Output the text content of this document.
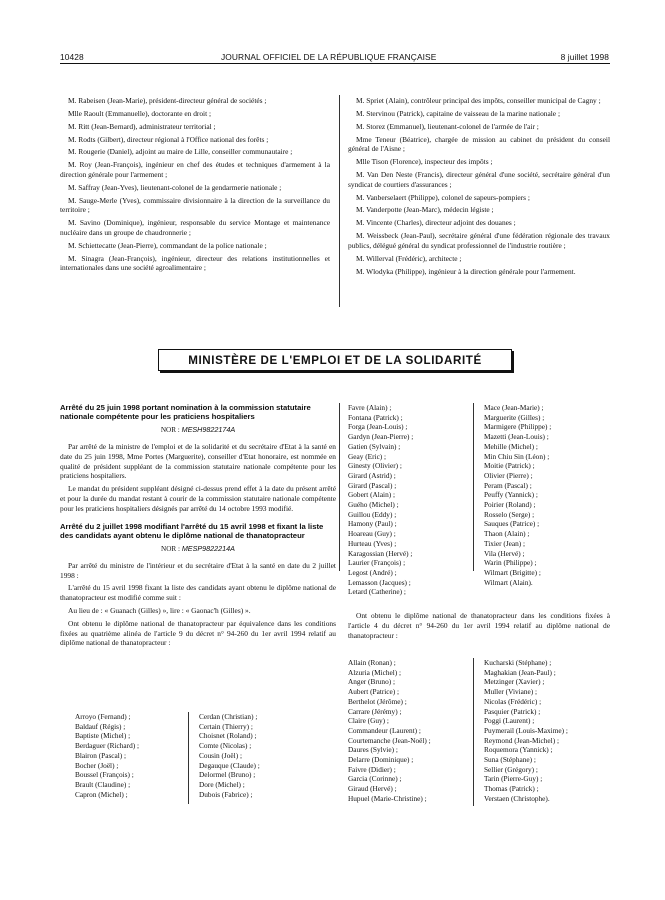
10428	JOURNAL OFFICIEL DE LA RÉPUBLIQUE FRANÇAISE	8 juillet 1998

M. Rabeisen (Jean-Marie), président-directeur général de sociétés ;

Mlle Raoult (Emmanuelle), doctorante en droit ;

M. Ritt (Jean-Bernard), administrateur territorial ;

M. Rodts (Gilbert), directeur régional à l'Office national des forêts ;

M. Rougerie (Daniel), adjoint au maire de Lille, conseiller communautaire ;

M. Roy (Jean-François), ingénieur en chef des études et techniques d'armement à la direction générale pour l'armement ;

M. Saffray (Jean-Yves), lieutenant-colonel de la gendarmerie nationale ;

M. Sauge-Merle (Yves), commissaire divisionnaire à la direction de la surveillance du territoire ;

M. Savino (Dominique), ingénieur, responsable du service Montage et maintenance nucléaire dans un groupe de chaudronnerie ;

M. Schiettecatte (Jean-Pierre), commandant de la police nationale ;

M. Sinagra (Jean-François), ingénieur, directeur des relations institutionnelles et internationales dans une société agroalimentaire ;

M. Spriet (Alain), contrôleur principal des impôts, conseiller municipal de Cagny ;

M. Stervinou (Patrick), capitaine de vaisseau de la marine nationale ;

M. Storez (Emmanuel), lieutenant-colonel de l'armée de l'air ;

Mme Teneur (Béatrice), chargée de mission au cabinet du président du conseil général de l'Aisne ;

Mlle Tison (Florence), inspecteur des impôts ;

M. Van Den Neste (Francis), directeur général d'une société, secrétaire général d'un syndicat de courtiers d'assurances ;

M. Vanberselaert (Philippe), colonel de sapeurs-pompiers ;

M. Vanderpotte (Jean-Marc), médecin légiste ;

M. Vincente (Charles), directeur adjoint des douanes ;

M. Weissbeck (Jean-Paul), secrétaire général d'une fédération régionale des travaux publics, délégué général du syndicat professionnel de l'industrie routière ;

M. Willerval (Frédéric), architecte ;

M. Wlodyka (Philippe), ingénieur à la direction générale pour l'armement.

MINISTÈRE DE L'EMPLOI ET DE LA SOLIDARITÉ

Arrêté du 25 juin 1998 portant nomination à la commission statutaire nationale compétente pour les praticiens hospitaliers

NOR : MESH9822174A

Par arrêté de la ministre de l'emploi et de la solidarité et du secrétaire d'Etat à la santé en date du 25 juin 1998, Mme Portes (Marguerite), conseiller d'Etat honoraire, est nommée en qualité de président suppléant de la commission statutaire nationale compétente pour les praticiens hospitaliers.

Le mandat du président suppléant désigné ci-dessus prend effet à la date du présent arrêté et pour la durée du mandat restant à courir de la commission statutaire nationale compétente pour les praticiens hospitaliers désignés par arrêté du 14 octobre 1993 modifié.

Arrêté du 2 juillet 1998 modifiant l'arrêté du 15 avril 1998 et fixant la liste des candidats ayant obtenu le diplôme national de thanatopracteur

NOR : MESP9822214A

Par arrêté du ministre de l'intérieur et du secrétaire d'Etat à la santé en date du 2 juillet 1998 :

L'arrêté du 15 avril 1998 fixant la liste des candidats ayant obtenu le diplôme national de thanatopracteur est modifié comme suit :

Au lieu de : « Guanach (Gilles) », lire : « Gaonac'h (Gilles) ».

Ont obtenu le diplôme national de thanatopracteur par équivalence dans les conditions fixées au quatrième alinéa de l'article 9 du décret n° 94-260 du 1er avril 1994 relatif au diplôme national de thanatopracteur :

Arroyo (Fernand) ;
Baldauf (Régis) ;
Baptiste (Michel) ;
Berdaguer (Richard) ;
Blairon (Pascal) ;
Bocher (Joël) ;
Boussel (François) ;
Brault (Claudine) ;
Capron (Michel) ;
Cerdan (Christian) ;
Certain (Thierry) ;
Choisnet (Roland) ;
Comte (Nicolas) ;
Cousin (Joël) ;
Degauque (Claude) ;
Delormel (Bruno) ;
Dore (Michel) ;
Dubois (Fabrice) ;
Favre (Alain) ;
Fontana (Patrick) ;
Forga (Jean-Louis) ;
Gardyn (Jean-Pierre) ;
Gatien (Sylvain) ;
Geay (Eric) ;
Ginesty (Olivier) ;
Girard (Astrid) ;
Girard (Pascal) ;
Gobert (Alain) ;
Guého (Michel) ;
Guillou (Eddy) ;
Hamony (Paul) ;
Hoareau (Guy) ;
Hurteau (Yves) ;
Karagossian (Hervé) ;
Laurier (François) ;
Legost (André) ;
Lemasson (Jacques) ;
Letard (Catherine) ;
Mace (Jean-Marie) ;
Marguerite (Gilles) ;
Marmigere (Philippe) ;
Mazetti (Jean-Louis) ;
Mehille (Michel) ;
Min Chiu Sin (Léon) ;
Moitie (Patrick) ;
Olivier (Pierre) ;
Peram (Pascal) ;
Peuffy (Yannick) ;
Poirier (Roland) ;
Rosselo (Serge) ;
Sauques (Patrice) ;
Thaon (Alain) ;
Tixier (Jean) ;
Vila (Hervé) ;
Warin (Philippe) ;
Wilmart (Brigitte) ;
Wilmart (Alain).

Ont obtenu le diplôme national de thanatopracteur dans les conditions fixées à l'article 4 du décret n° 94-260 du 1er avril 1994 relatif au diplôme national de thanatopracteur :

Allain (Ronan) ;
Alzuria (Michel) ;
Anger (Bruno) ;
Aubert (Patrice) ;
Berthelot (Jérôme) ;
Carrare (Jérémy) ;
Claire (Guy) ;
Commandeur (Laurent) ;
Courtemanche (Jean-Noël) ;
Daures (Sylvie) ;
Delarre (Dominique) ;
Faivre (Didier) ;
Garcia (Corinne) ;
Giraud (Hervé) ;
Hupuel (Marie-Christine) ;
Kucharski (Stéphane) ;
Maghakian (Jean-Paul) ;
Metzinger (Xavier) ;
Muller (Viviane) ;
Nicolas (Frédéric) ;
Pasquier (Patrick) ;
Poggi (Laurent) ;
Puymerail (Louis-Maxime) ;
Reymond (Jean-Michel) ;
Roquemora (Yannick) ;
Suna (Stéphane) ;
Sellier (Grégory) ;
Tarin (Pierre-Guy) ;
Thomas (Patrick) ;
Verstaen (Christophe).
